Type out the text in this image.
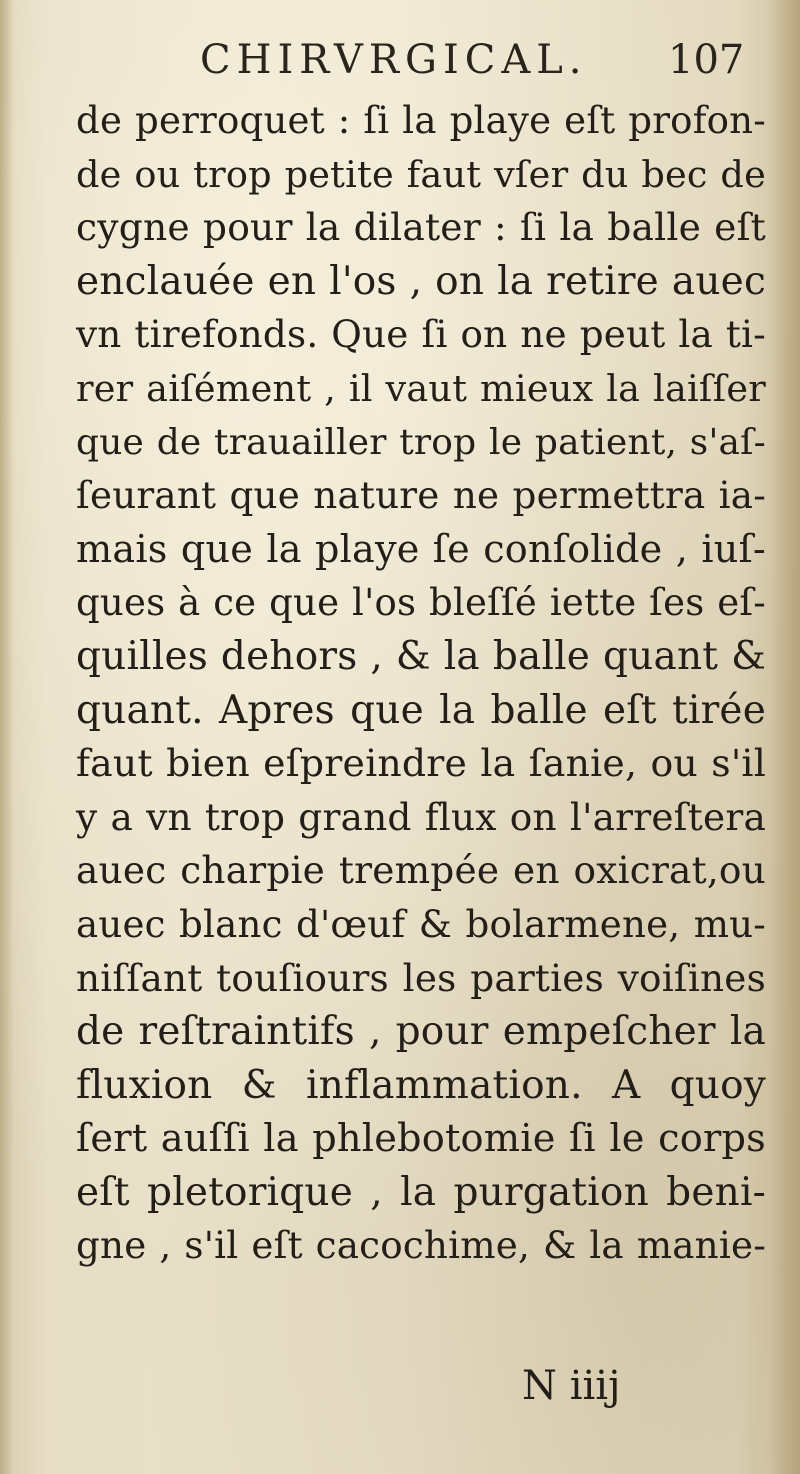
CHIRVRGICAL. 107
de perroquet : ſi la playe eſt profon-
de ou trop petite faut vſer du bec de
cygne pour la dilater : ſi la balle eſt
enclauée en l'os , on la retire auec
vn tirefonds. Que ſi on ne peut la ti-
rer aiſément , il vaut mieux la laiſſer
que de trauailler trop le patient, s'aſ-
ſeurant que nature ne permettra ia-
mais que la playe ſe conſolide , iuſ-
ques à ce que l'os bleſſé iette ſes eſ-
quilles dehors , & la balle quant &
quant. Apres que la balle eſt tirée
faut bien eſpreindre la ſanie, ou s'il
y a vn trop grand flux on l'arreſtera
auec charpie trempée en oxicrat,ou
auec blanc d'œuf & bolarmene, mu-
niſſant touſiours les parties voiſines
de reſtraintifs , pour empeſcher la
fluxion & inflammation. A quoy
ſert auſſi la phlebotomie ſi le corps
eſt pletorique , la purgation beni-
gne , s'il eſt cacochime, & la manie-
N iiij
